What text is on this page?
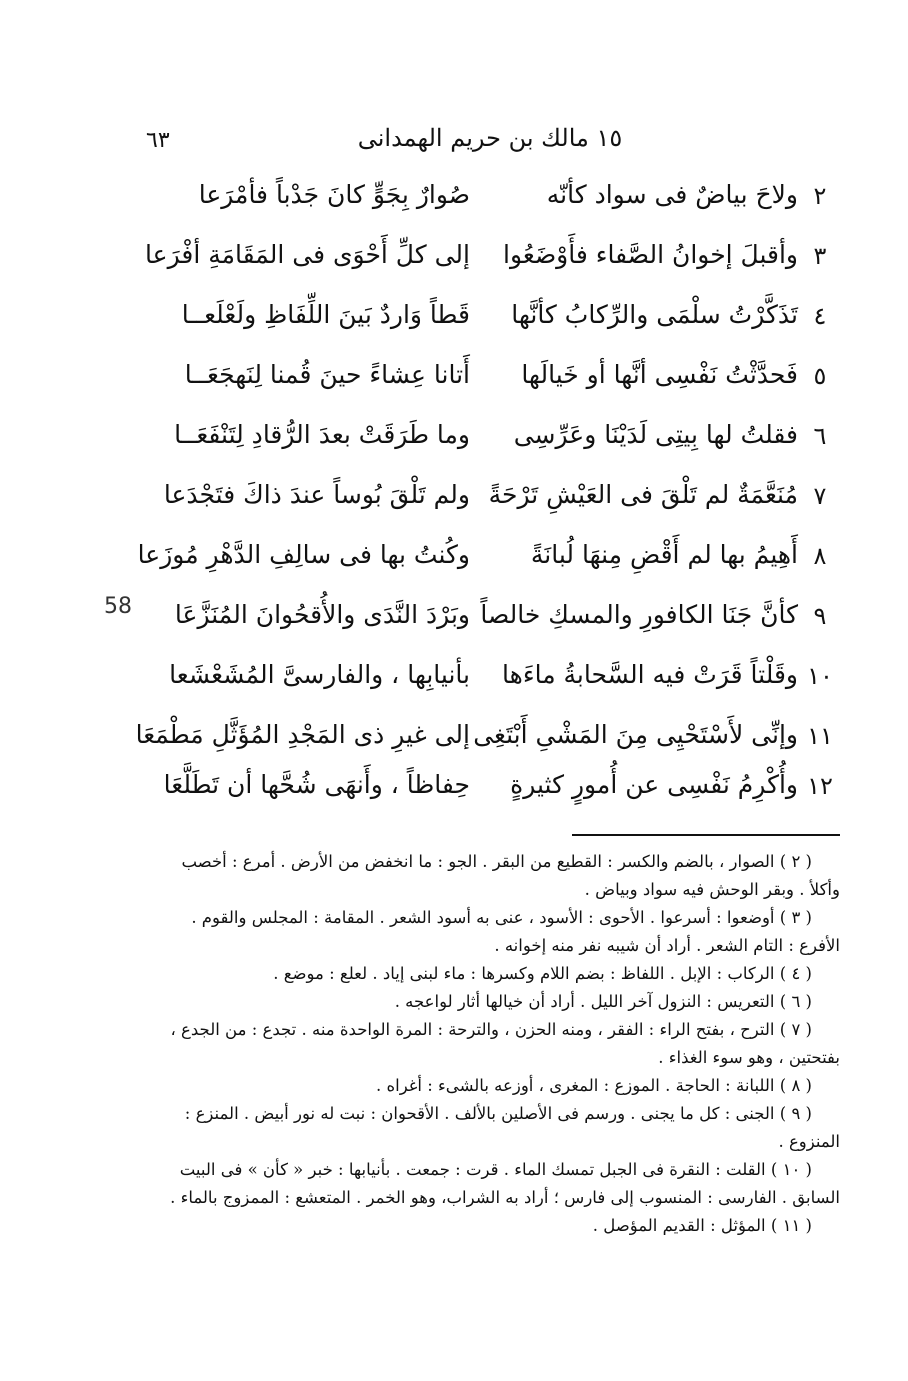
٦٣	١٥ مالك بن حريم الهمدانى
58
٢
ولاحَ بياضٌ فى سواد كأنّه
صُوارٌ بِجَوٍّ كانَ جَدْباً فأمْرَعا
٣
وأقبلَ إخوانُ الصَّفاء فأَوْضَعُوا
إلى كلِّ أَحْوَى فى المَقَامَةِ أفْرَعا
٤
تَذَكَّرْتُ سلْمَى والرِّكابُ كأنَّها
قَطاً وَاردٌ بَينَ اللِّفَاظِ ولَعْلَعــا
٥
فَحدَّثْتُ نَفْسِى أنَّها أو خَيالَها
أَتانا عِشاءً حينَ قُمنا لِنَهجَعَــا
٦
فقلتُ لها بِيتِى لَدَيْنَا وعَرِّسِى
وما طَرَقَتْ بعدَ الرُّقادِ لِتَنْفَعَــا
٧
مُنَعَّمَةٌ لم تَلْقَ فى العَيْشِ تَرْحَةً
ولم تَلْقَ بُوساً عندَ ذاكَ فتَجْدَعا
٨
أَهِيمُ بها لم أَقْضِ مِنهَا لُبانَةً
وكُنتُ بها فى سالِفِ الدَّهْرِ مُوزَعا
٩
كأنَّ جَنَا الكافورِ والمسكِ خالصاً
وبَرْدَ النَّدَى والأُقحُوانَ المُنَزَّعَا
١٠
وقَلْتاً قَرَتْ فيه السَّحابةُ ماءَها
بأنيابِها ، والفارسىَّ المُشَعْشَعا
١١
وإنِّى لأَسْتَحْيِى مِنَ المَشْىِ أَبْتَغِى
إلى غيرِ ذى المَجْدِ المُؤَثَّلِ مَطْمَعَا
١٢
وأُكْرِمُ نَفْسِى عن أُمورٍ كثيرةٍ
حِفاظاً ، وأَنهَى شُحَّها أن تَطَلَّعَا

( ٢ ) الصوار ، بالضم والكسر : القطيع من البقر . الجو : ما انخفض من الأرض . أمرع : أخصب وأكلأ . وبقر الوحش فيه سواد وبياض .

( ٣ ) أوضعوا : أسرعوا . الأحوى : الأسود ، عنى به أسود الشعر . المقامة : المجلس والقوم . الأفرع : التام الشعر . أراد أن شيبه نفر منه إخوانه .

( ٤ ) الركاب : الإبل . اللفاظ : بضم اللام وكسرها : ماء لبنى إياد . لعلع : موضع .

( ٦ ) التعريس : النزول آخر الليل . أراد أن خيالها أثار لواعجه .

( ٧ ) الترح ، بفتح الراء : الفقر ، ومنه الحزن ، والترحة : المرة الواحدة منه . تجدع : من الجدع ، بفتحتين ، وهو سوء الغذاء .

( ٨ ) اللبانة : الحاجة . الموزع : المغرى ، أوزعه بالشىء : أغراه .

( ٩ ) الجنى : كل ما يجنى . ورسم فى الأصلين بالألف . الأقحوان : نبت له نور أبيض . المنزع : المنزوع .

( ١٠ ) القلت : النقرة فى الجبل تمسك الماء . قرت : جمعت . بأنيابها : خبر « كأن » فى البيت السابق . الفارسى : المنسوب إلى فارس ؛ أراد به الشراب، وهو الخمر . المتعشع : الممزوج بالماء .

( ١١ ) المؤثل : القديم المؤصل .
